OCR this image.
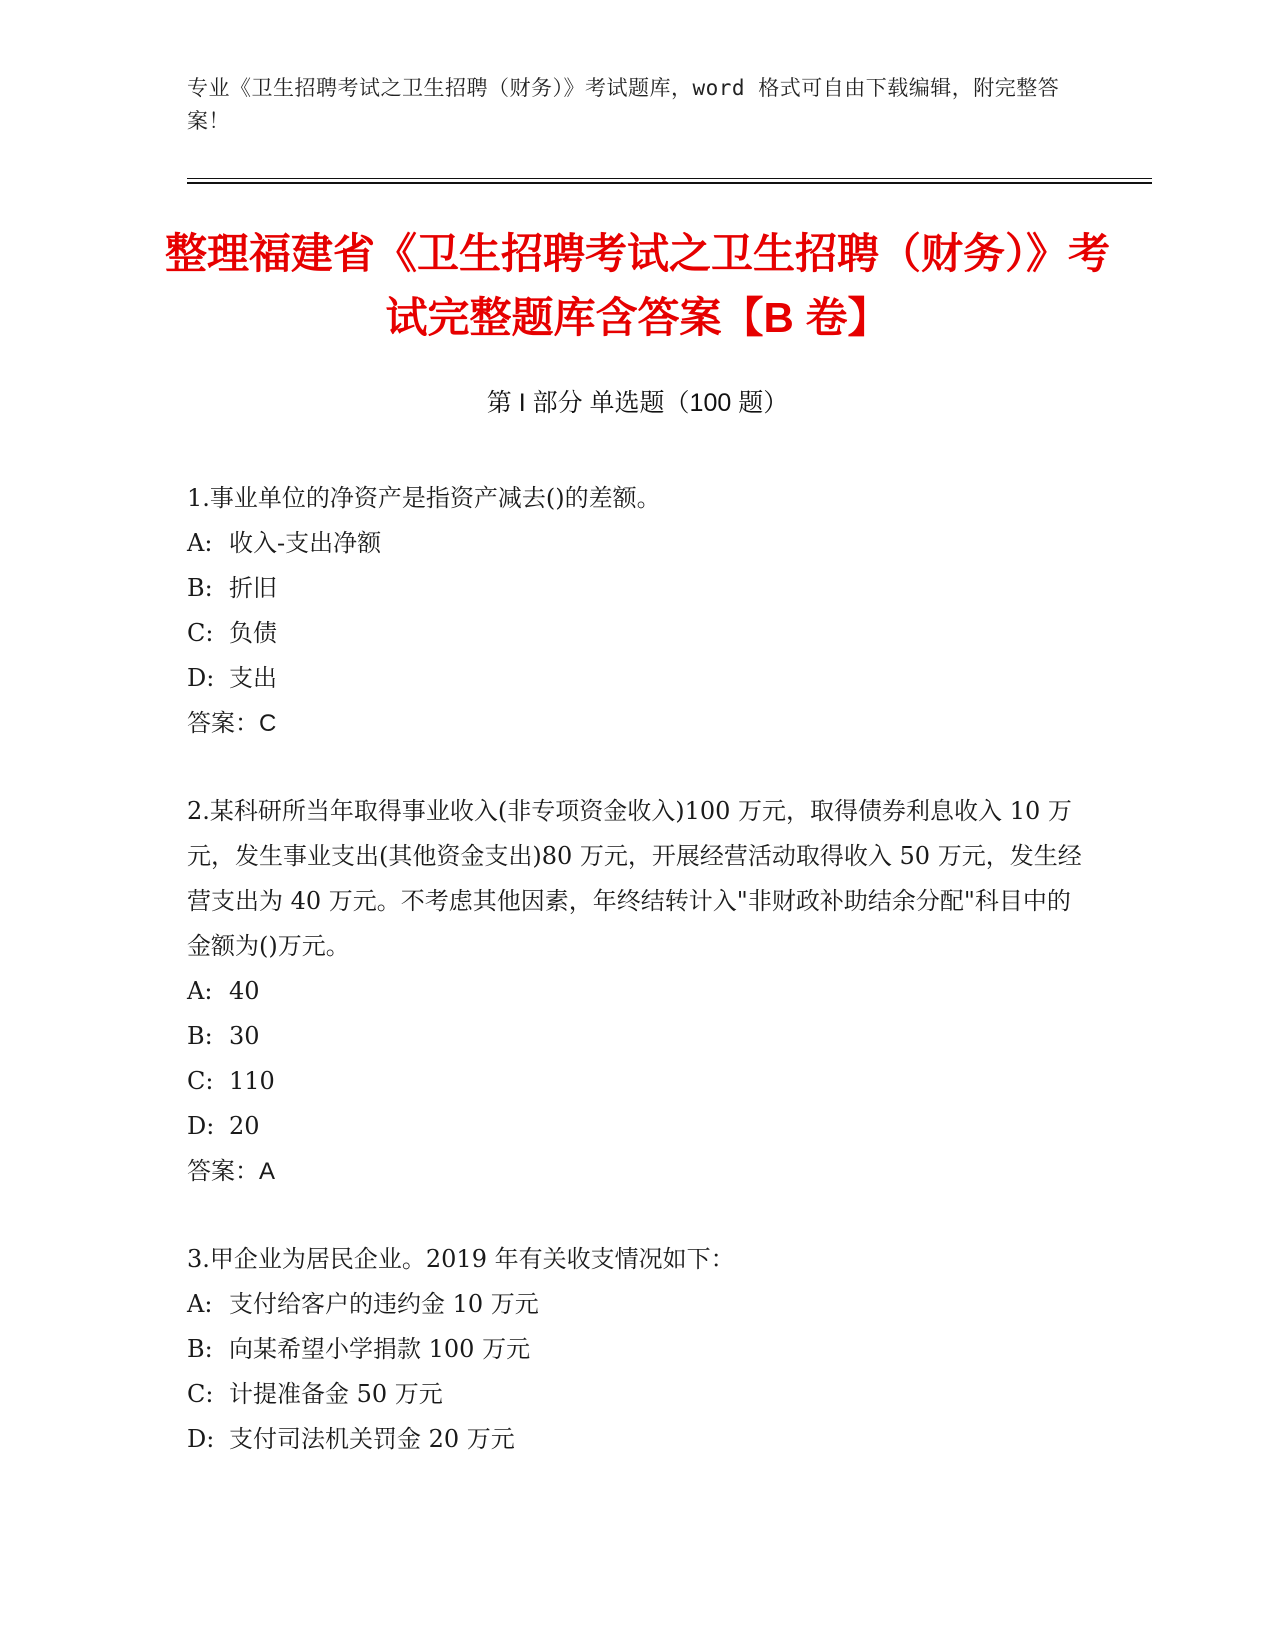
专业《卫生招聘考试之卫生招聘（财务）》考试题库，word 格式可自由下载编辑，附完整答案！
整理福建省《卫生招聘考试之卫生招聘（财务）》考试完整题库含答案【B 卷】
第 I 部分 单选题（100 题）

1.事业单位的净资产是指资产减去()的差额。

A: 收入-支出净额

B: 折旧

C: 负债

D: 支出

答案：C

2.某科研所当年取得事业收入(非专项资金收入)100 万元，取得债券利息收入 10 万元，发生事业支出(其他资金支出)80 万元，开展经营活动取得收入 50 万元，发生经营支出为 40 万元。不考虑其他因素，年终结转计入"非财政补助结余分配"科目中的金额为()万元。

A: 40

B: 30

C: 110

D: 20

答案：A

3.甲企业为居民企业。2019 年有关收支情况如下：

A: 支付给客户的违约金 10 万元

B: 向某希望小学捐款 100 万元

C: 计提准备金 50 万元

D: 支付司法机关罚金 20 万元
